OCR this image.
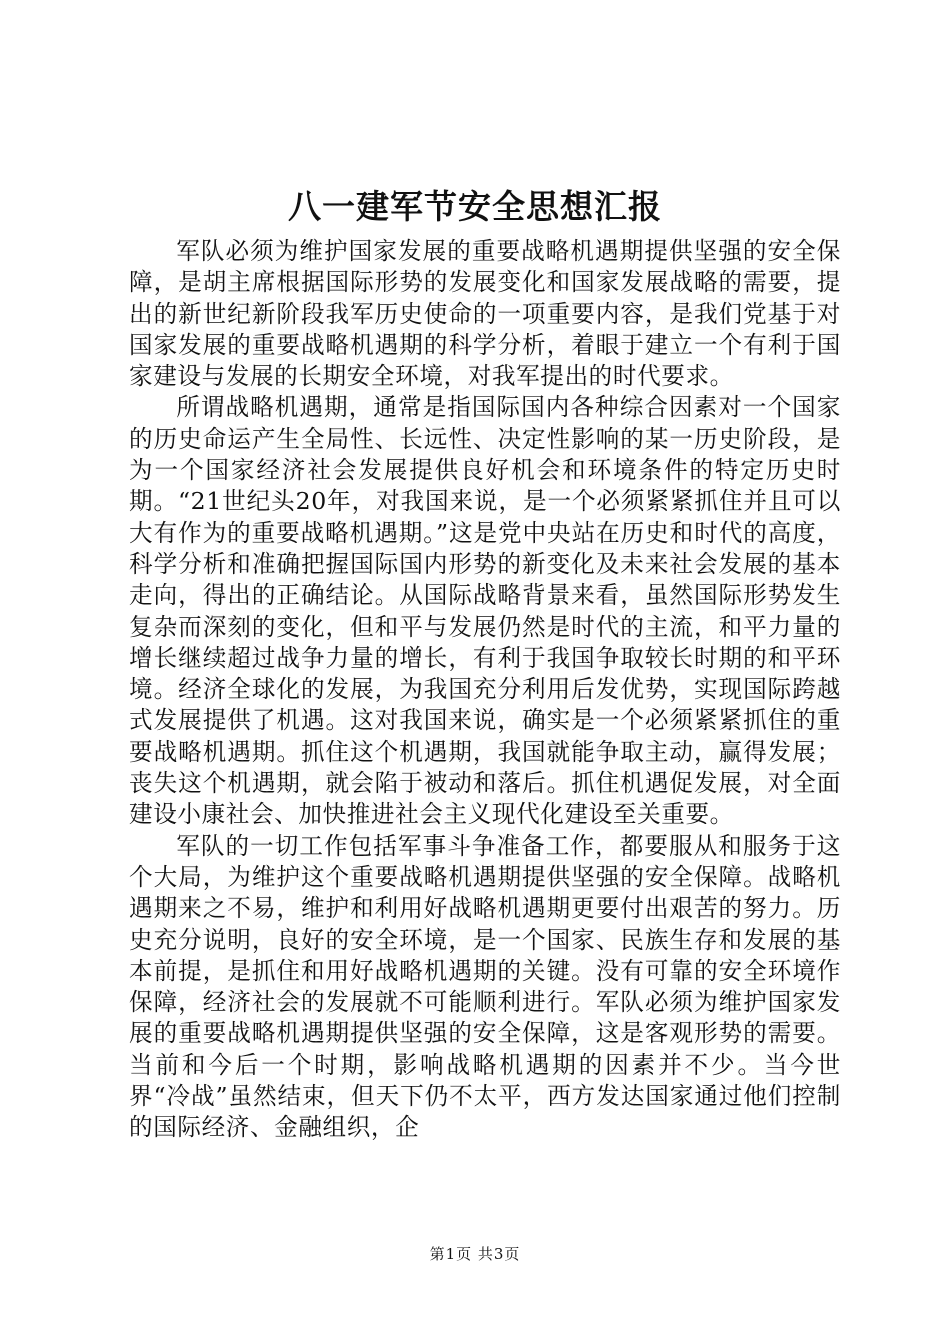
八一建军节安全思想汇报

军队必须为维护国家发展的重要战略机遇期提供坚强的安全保障，是胡主席根据国际形势的发展变化和国家发展战略的需要，提出的新世纪新阶段我军历史使命的一项重要内容，是我们党基于对国家发展的重要战略机遇期的科学分析，着眼于建立一个有利于国家建设与发展的长期安全环境，对我军提出的时代要求。

所谓战略机遇期，通常是指国际国内各种综合因素对一个国家的历史命运产生全局性、长远性、决定性影响的某一历史阶段，是为一个国家经济社会发展提供良好机会和环境条件的特定历史时期。“21世纪头20年，对我国来说，是一个必须紧紧抓住并且可以大有作为的重要战略机遇期。”这是党中央站在历史和时代的高度，科学分析和准确把握国际国内形势的新变化及未来社会发展的基本走向，得出的正确结论。从国际战略背景来看，虽然国际形势发生复杂而深刻的变化，但和平与发展仍然是时代的主流，和平力量的增长继续超过战争力量的增长，有利于我国争取较长时期的和平环境。经济全球化的发展，为我国充分利用后发优势，实现国际跨越式发展提供了机遇。这对我国来说，确实是一个必须紧紧抓住的重要战略机遇期。抓住这个机遇期，我国就能争取主动，赢得发展；丧失这个机遇期，就会陷于被动和落后。抓住机遇促发展，对全面建设小康社会、加快推进社会主义现代化建设至关重要。

军队的一切工作包括军事斗争准备工作，都要服从和服务于这个大局，为维护这个重要战略机遇期提供坚强的安全保障。战略机遇期来之不易，维护和利用好战略机遇期更要付出艰苦的努力。历史充分说明，良好的安全环境，是一个国家、民族生存和发展的基本前提，是抓住和用好战略机遇期的关键。没有可靠的安全环境作保障，经济社会的发展就不可能顺利进行。军队必须为维护国家发展的重要战略机遇期提供坚强的安全保障，这是客观形势的需要。当前和今后一个时期，影响战略机遇期的因素并不少。当今世界“冷战”虽然结束，但天下仍不太平，西方发达国家通过他们控制的国际经济、金融组织，企

第1页 共3页
